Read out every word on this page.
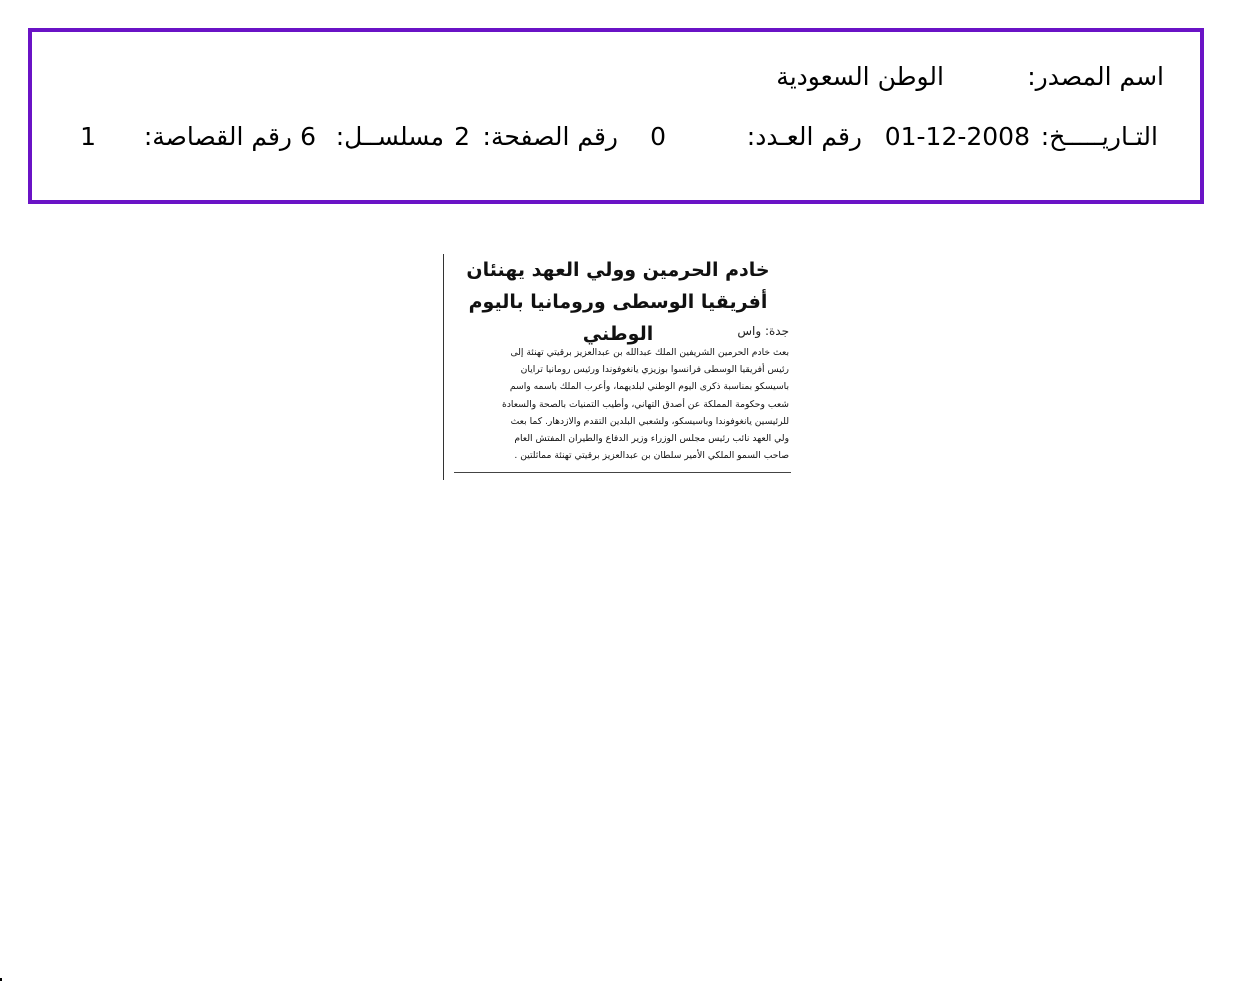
اسم المصدر:
الوطن السعودية
التـاريـــــخ:
01-12-2008
رقم العـدد:
0
رقم الصفحة:
2
مسلســل:
6
رقم القصاصة:
1
خادم الحرمين وولي العهد يهنئان
أفريقيا الوسطى ورومانيا باليوم الوطني	جدة: واس
بعث خادم الحرمين الشريفين الملك عبدالله بن عبدالعزيز برقيتي تهنئة إلى
رئيس أفريقيا الوسطى فرانسوا بوزيزي يانغوفوندا ورئيس رومانيا ترايان
باسيسكو بمناسبة ذكرى اليوم الوطني لبلديهما، وأعرب الملك باسمه واسم
شعب وحكومة المملكة عن أصدق التهاني، وأطيب التمنيات بالصحة والسعادة
للرئيسين يانغوفوندا وباسيسكو، ولشعبي البلدين التقدم والازدهار. كما بعث
ولي العهد نائب رئيس مجلس الوزراء وزير الدفاع والطيران المفتش العام
صاحب السمو الملكي الأمير سلطان بن عبدالعزيز برقيتي تهنئة مماثلتين .
